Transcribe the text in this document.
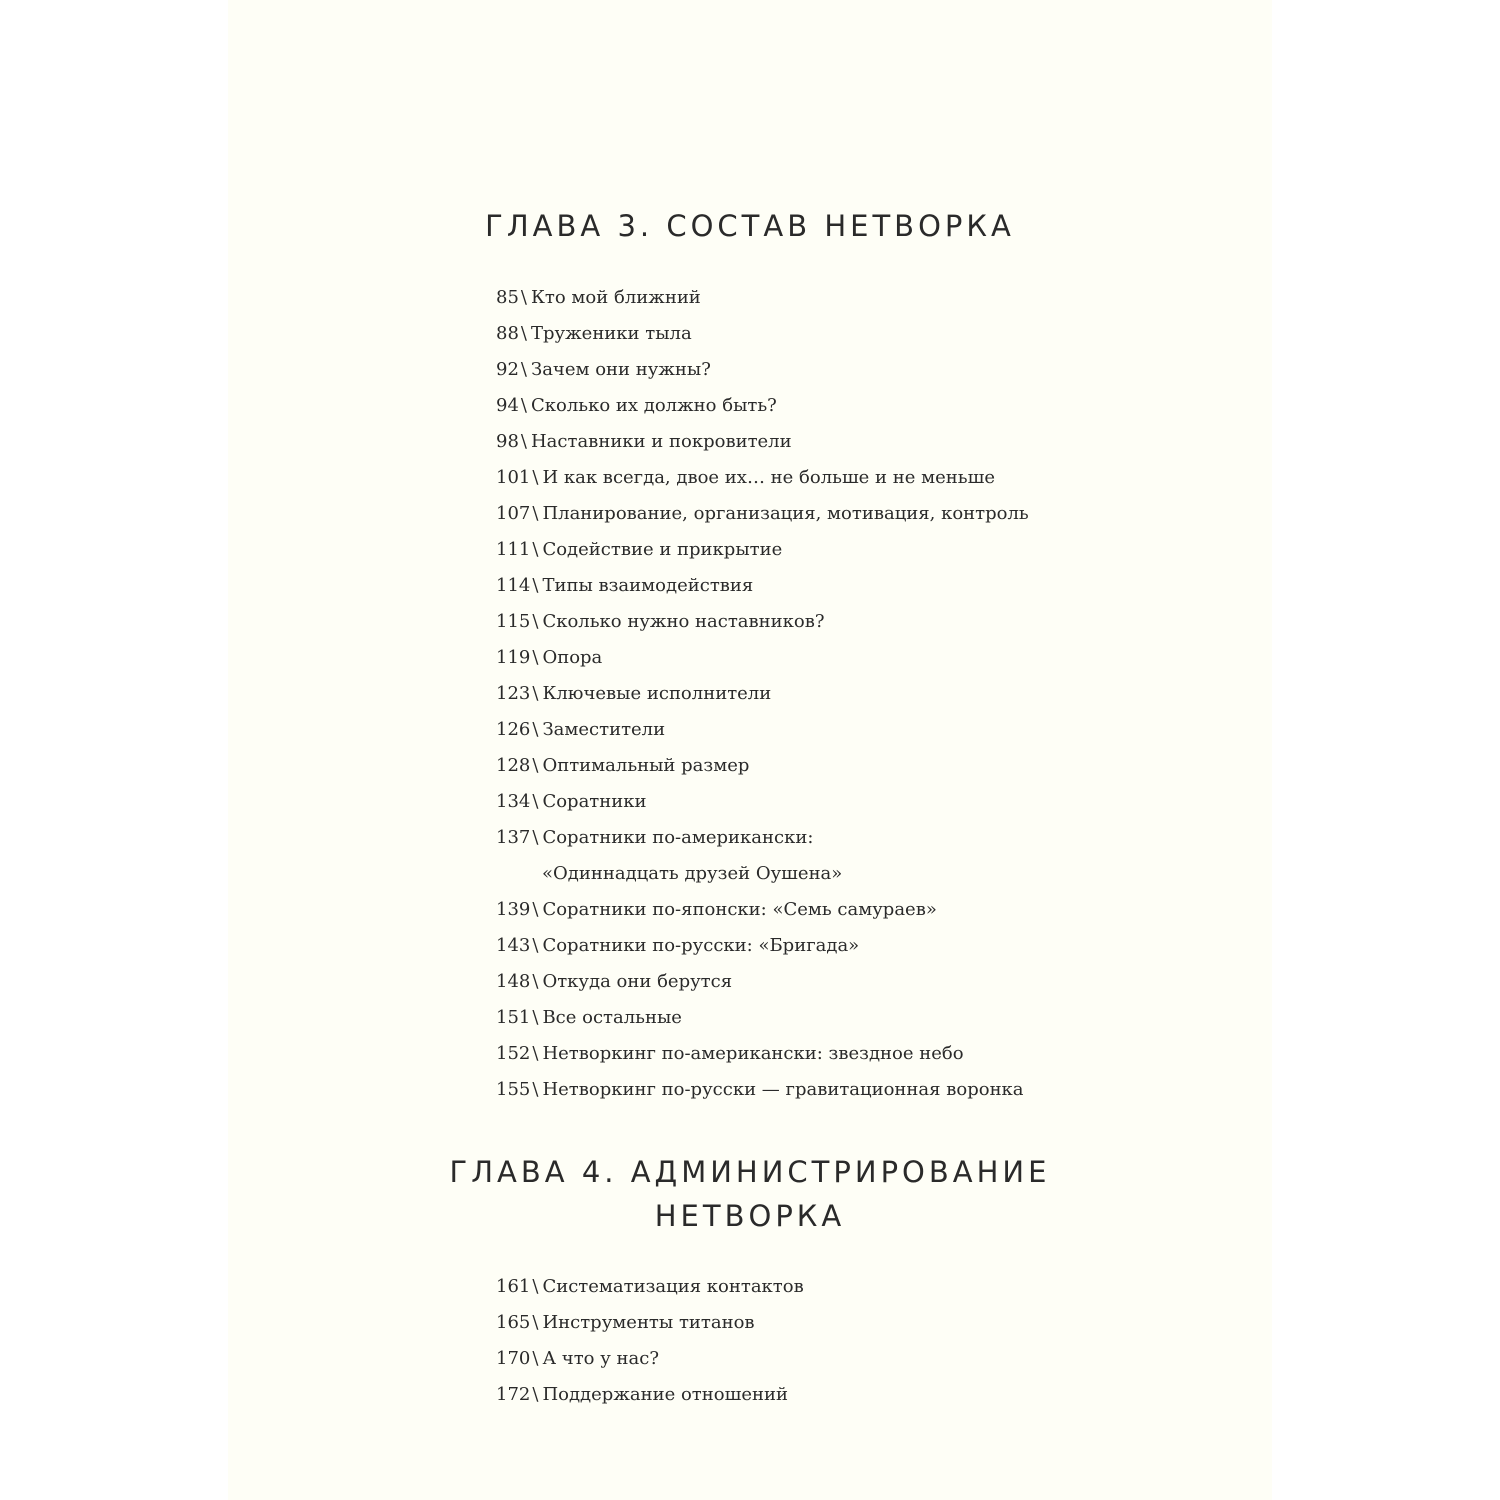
ГЛАВА 3. СОСТАВ НЕТВОРКА
85 \ Кто мой ближний
88 \ Труженики тыла
92 \ Зачем они нужны?
94 \ Сколько их должно быть?
98 \ Наставники и покровители
101 \ И как всегда, двое их… не больше и не меньше
107 \ Планирование, организация, мотивация, контроль
111 \ Содействие и прикрытие
114 \ Типы взаимодействия
115 \ Сколько нужно наставников?
119 \ Опора
123 \ Ключевые исполнители
126 \ Заместители
128 \ Оптимальный размер
134 \ Соратники
137 \ Соратники по-американски:
«Одиннадцать друзей Оушена»
139 \ Соратники по-японски: «Семь самураев»
143 \ Соратники по-русски: «Бригада»
148 \ Откуда они берутся
151 \ Все остальные
152 \ Нетворкинг по-американски: звездное небо
155 \ Нетворкинг по-русски — гравитационная воронка
ГЛАВА 4. АДМИНИСТРИРОВАНИЕ
НЕТВОРКА
161 \ Систематизация контактов
165 \ Инструменты титанов
170 \ А что у нас?
172 \ Поддержание отношений
